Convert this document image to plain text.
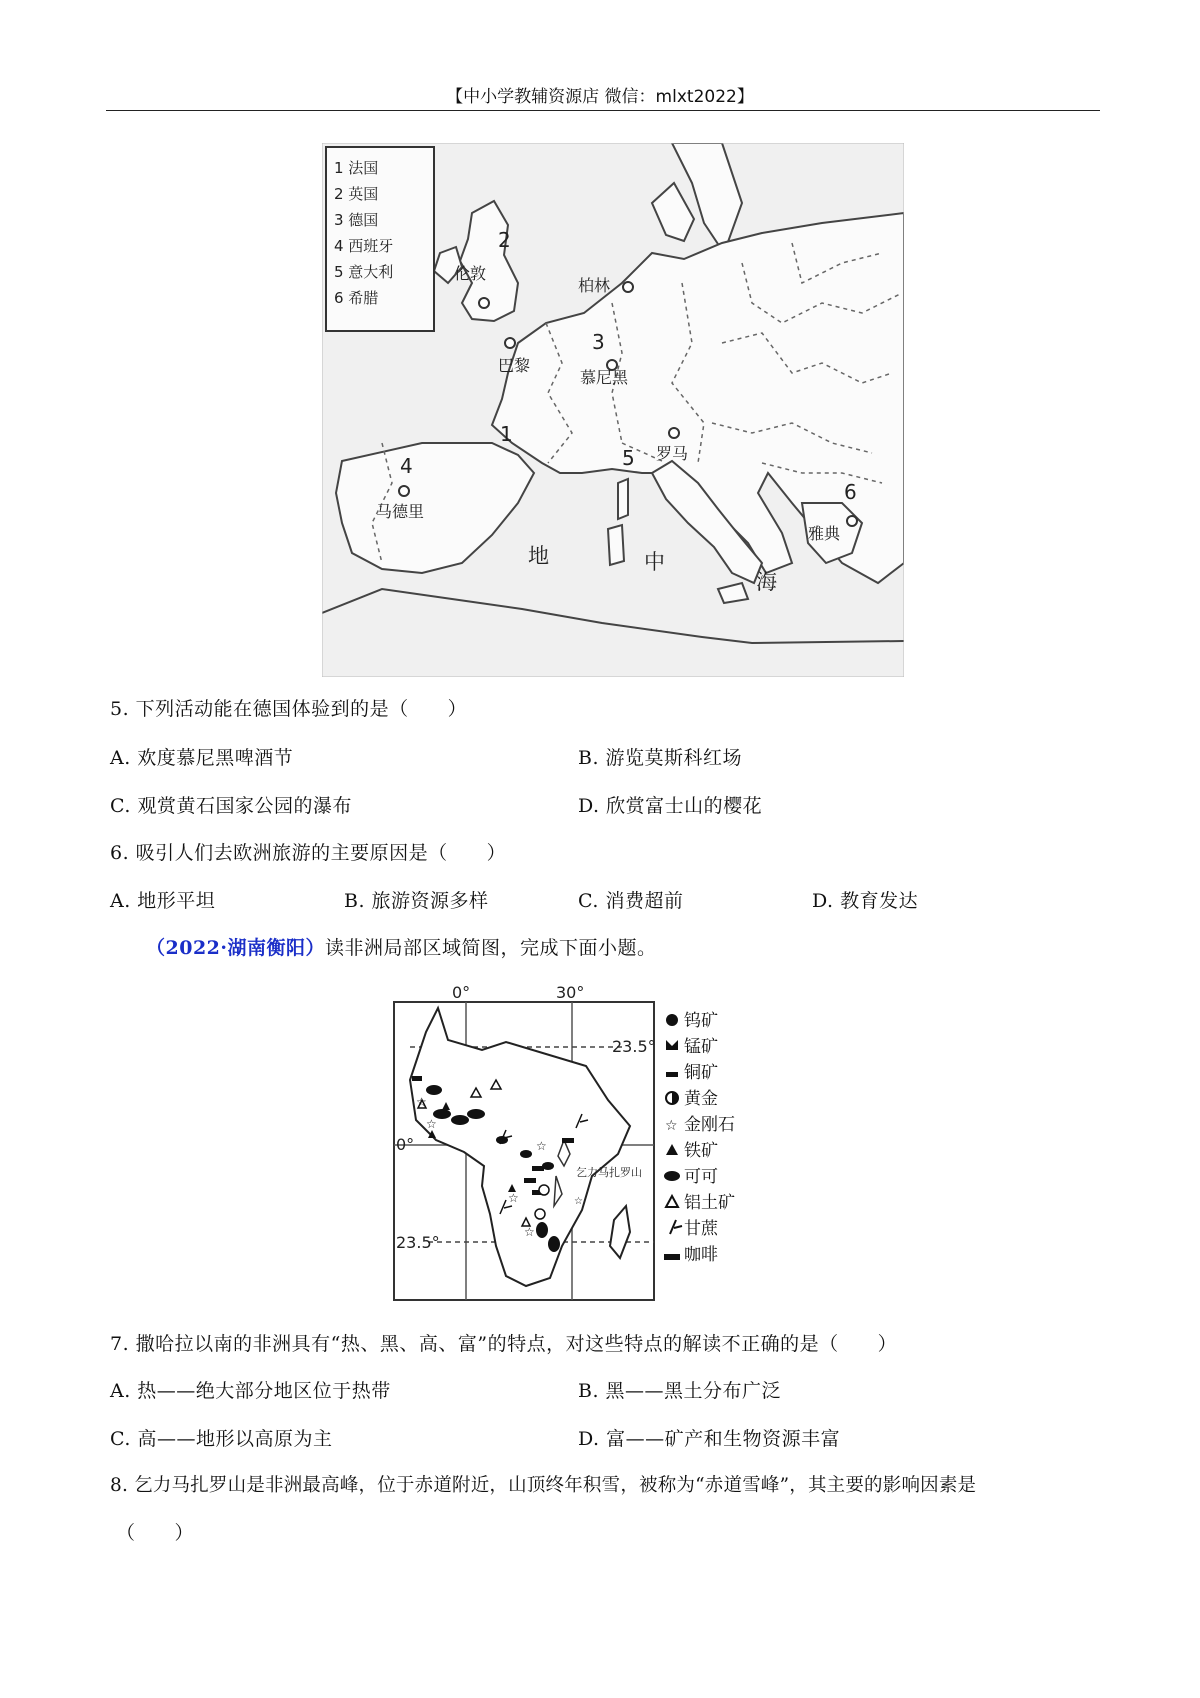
【中小学教辅资源店 微信：mlxt2022】
1 法国
2 英国
3 德国
4 西班牙
5 意大利
6 希腊
伦敦
柏林
巴黎
慕尼黑
罗马
马德里
雅典
1
2
3
4	5
6
地	中
海
5. 下列活动能在德国体验到的是（　　）
A. 欢度慕尼黑啤酒节	B. 游览莫斯科红场
C. 观赏黄石国家公园的瀑布	D. 欣赏富士山的樱花
6. 吸引人们去欧洲旅游的主要原因是（　　）
A. 地形平坦	B. 旅游资源多样	C. 消费超前	D. 教育发达
（2022·湖南衡阳）读非洲局部区域简图，完成下面小题。
☆
☆
☆
☆
☆
☆
0°	30°
23.5°
0°
23.5°
乞力马扎罗山
钨矿
锰矿
铜矿
黄金
☆ 金刚石
铁矿
可可
铝土矿
甘蔗
咖啡
7. 撒哈拉以南的非洲具有“热、黑、高、富”的特点，对这些特点的解读不正确的是（　　）
A. 热——绝大部分地区位于热带	B. 黑——黑土分布广泛
C. 高——地形以高原为主	D. 富——矿产和生物资源丰富
8. 乞力马扎罗山是非洲最高峰，位于赤道附近，山顶终年积雪，被称为“赤道雪峰”，其主要的影响因素是
（　　）
